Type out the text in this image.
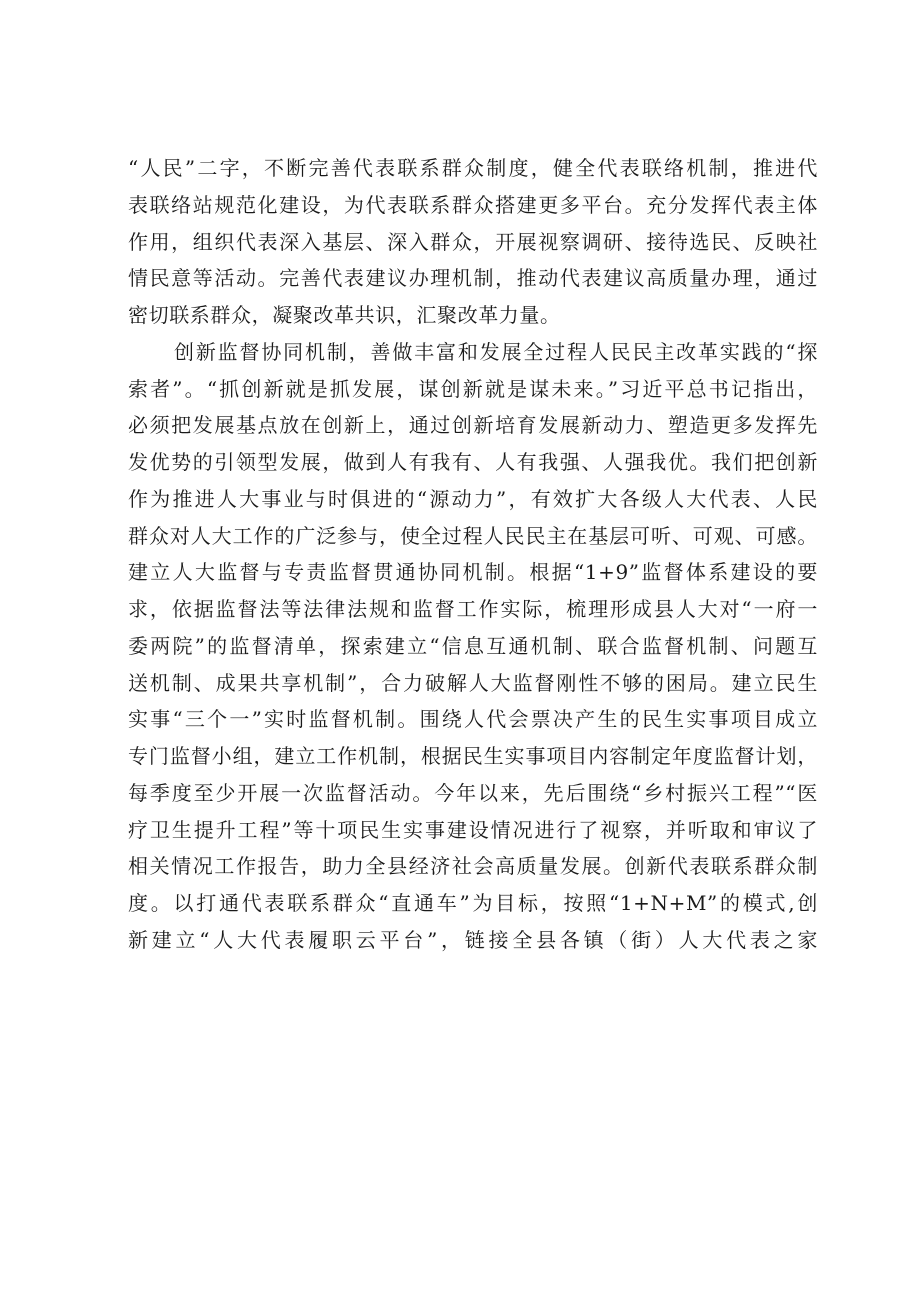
“人民”二字，不断完善代表联系群众制度，健全代表联络机制，推进代
表联络站规范化建设，为代表联系群众搭建更多平台。充分发挥代表主体
作用，组织代表深入基层、深入群众，开展视察调研、接待选民、反映社
情民意等活动。完善代表建议办理机制，推动代表建议高质量办理，通过
密切联系群众，凝聚改革共识，汇聚改革力量。
创新监督协同机制，善做丰富和发展全过程人民民主改革实践的“探
索者”。“抓创新就是抓发展，谋创新就是谋未来。”习近平总书记指出，
必须把发展基点放在创新上，通过创新培育发展新动力、塑造更多发挥先
发优势的引领型发展，做到人有我有、人有我强、人强我优。我们把创新
作为推进人大事业与时俱进的“源动力”，有效扩大各级人大代表、人民
群众对人大工作的广泛参与，使全过程人民民主在基层可听、可观、可感。
建立人大监督与专责监督贯通协同机制。根据“1+9”监督体系建设的要
求，依据监督法等法律法规和监督工作实际，梳理形成县人大对“一府一
委两院”的监督清单，探索建立“信息互通机制、联合监督机制、问题互
送机制、成果共享机制”，合力破解人大监督刚性不够的困局。建立民生
实事“三个一”实时监督机制。围绕人代会票决产生的民生实事项目成立
专门监督小组，建立工作机制，根据民生实事项目内容制定年度监督计划，
每季度至少开展一次监督活动。今年以来，先后围绕“乡村振兴工程”“医
疗卫生提升工程”等十项民生实事建设情况进行了视察，并听取和审议了
相关情况工作报告，助力全县经济社会高质量发展。创新代表联系群众制
度。以打通代表联系群众“直通车”为目标，按照“1+N+M”的模式,创
新建立“人大代表履职云平台”，链接全县各镇（街）人大代表之家
